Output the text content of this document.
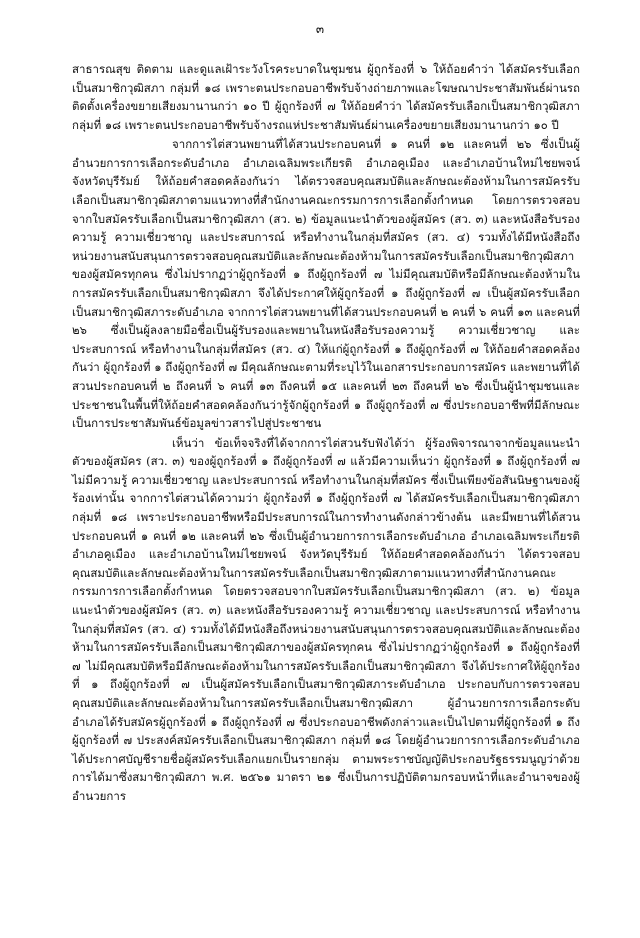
๓

สาธารณสุข ติดตาม และดูแลเฝ้าระวังโรคระบาดในชุมชน ผู้ถูกร้องที่ ๖ ให้ถ้อยคำว่า ได้สมัครรับเลือกเป็นสมาชิกวุฒิสภา กลุ่มที่ ๑๘ เพราะตนประกอบอาชีพรับจ้างถ่ายภาพและโฆษณาประชาสัมพันธ์ผ่านรถติดตั้งเครื่องขยายเสียงมานานกว่า ๑๐ ปี ผู้ถูกร้องที่ ๗ ให้ถ้อยคำว่า ได้สมัครรับเลือกเป็นสมาชิกวุฒิสภากลุ่มที่ ๑๘ เพราะตนประกอบอาชีพรับจ้างรถแห่ประชาสัมพันธ์ผ่านเครื่องขยายเสียงมานานกว่า ๑๐ ปี

จากการไต่สวนพยานที่ได้สวนประกอบคนที่ ๑ คนที่ ๑๒ และคนที่ ๒๖ ซึ่งเป็นผู้อำนวยการการเลือกระดับอำเภอ อำเภอเฉลิมพระเกียรติ อำเภอคูเมือง และอำเภอบ้านใหม่ไชยพจน์ จังหวัดบุรีรัมย์ ให้ถ้อยคำสอดคล้องกันว่า ได้ตรวจสอบคุณสมบัติและลักษณะต้องห้ามในการสมัครรับเลือกเป็นสมาชิกวุฒิสภาตามแนวทางที่สำนักงานคณะกรรมการการเลือกตั้งกำหนด โดยการตรวจสอบจากใบสมัครรับเลือกเป็นสมาชิกวุฒิสภา (สว. ๒) ข้อมูลแนะนำตัวของผู้สมัคร (สว. ๓) และหนังสือรับรองความรู้ ความเชี่ยวชาญ และประสบการณ์ หรือทำงานในกลุ่มที่สมัคร (สว. ๔) รวมทั้งได้มีหนังสือถึงหน่วยงานสนับสนุนการตรวจสอบคุณสมบัติและลักษณะต้องห้ามในการสมัครรับเลือกเป็นสมาชิกวุฒิสภาของผู้สมัครทุกคน ซึ่งไม่ปรากฏว่าผู้ถูกร้องที่ ๑ ถึงผู้ถูกร้องที่ ๗ ไม่มีคุณสมบัติหรือมีลักษณะต้องห้ามในการสมัครรับเลือกเป็นสมาชิกวุฒิสภา จึงได้ประกาศให้ผู้ถูกร้องที่ ๑ ถึงผู้ถูกร้องที่ ๗ เป็นผู้สมัครรับเลือกเป็นสมาชิกวุฒิสภาระดับอำเภอ จากการไต่สวนพยานที่ได้สวนประกอบคนที่ ๒ คนที่ ๖ คนที่ ๑๓ และคนที่ ๒๖ ซึ่งเป็นผู้ลงลายมือชื่อเป็นผู้รับรองและพยานในหนังสือรับรองความรู้ ความเชี่ยวชาญ และประสบการณ์ หรือทำงานในกลุ่มที่สมัคร (สว. ๔) ให้แก่ผู้ถูกร้องที่ ๑ ถึงผู้ถูกร้องที่ ๗ ให้ถ้อยคำสอดคล้องกันว่า ผู้ถูกร้องที่ ๑ ถึงผู้ถูกร้องที่ ๗ มีคุณลักษณะตามที่ระบุไว้ในเอกสารประกอบการสมัคร และพยานที่ได้สวนประกอบคนที่ ๒ ถึงคนที่ ๖ คนที่ ๑๓ ถึงคนที่ ๑๕ และคนที่ ๒๓ ถึงคนที่ ๒๖ ซึ่งเป็นผู้นำชุมชนและประชาชนในพื้นที่ให้ถ้อยคำสอดคล้องกันว่ารู้จักผู้ถูกร้องที่ ๑ ถึงผู้ถูกร้องที่ ๗ ซึ่งประกอบอาชีพที่มีลักษณะเป็นการประชาสัมพันธ์ข้อมูลข่าวสารไปสู่ประชาชน

เห็นว่า ข้อเท็จจริงที่ได้จากการไต่สวนรับฟังได้ว่า ผู้ร้องพิจารณาจากข้อมูลแนะนำตัวของผู้สมัคร (สว. ๓) ของผู้ถูกร้องที่ ๑ ถึงผู้ถูกร้องที่ ๗ แล้วมีความเห็นว่า ผู้ถูกร้องที่ ๑ ถึงผู้ถูกร้องที่ ๗ ไม่มีความรู้ ความเชี่ยวชาญ และประสบการณ์ หรือทำงานในกลุ่มที่สมัคร ซึ่งเป็นเพียงข้อสันนิษฐานของผู้ร้องเท่านั้น จากการไต่สวนได้ความว่า ผู้ถูกร้องที่ ๑ ถึงผู้ถูกร้องที่ ๗ ได้สมัครรับเลือกเป็นสมาชิกวุฒิสภากลุ่มที่ ๑๘ เพราะประกอบอาชีพหรือมีประสบการณ์ในการทำงานดังกล่าวข้างต้น และมีพยานที่ได้สวนประกอบคนที่ ๑ คนที่ ๑๒ และคนที่ ๒๖ ซึ่งเป็นผู้อำนวยการการเลือกระดับอำเภอ อำเภอเฉลิมพระเกียรติ อำเภอคูเมือง และอำเภอบ้านใหม่ไชยพจน์ จังหวัดบุรีรัมย์ ให้ถ้อยคำสอดคล้องกันว่า ได้ตรวจสอบคุณสมบัติและลักษณะต้องห้ามในการสมัครรับเลือกเป็นสมาชิกวุฒิสภาตามแนวทางที่สำนักงานคณะกรรมการการเลือกตั้งกำหนด โดยตรวจสอบจากใบสมัครรับเลือกเป็นสมาชิกวุฒิสภา (สว. ๒) ข้อมูลแนะนำตัวของผู้สมัคร (สว. ๓) และหนังสือรับรองความรู้ ความเชี่ยวชาญ และประสบการณ์ หรือทำงานในกลุ่มที่สมัคร (สว. ๔) รวมทั้งได้มีหนังสือถึงหน่วยงานสนับสนุนการตรวจสอบคุณสมบัติและลักษณะต้องห้ามในการสมัครรับเลือกเป็นสมาชิกวุฒิสภาของผู้สมัครทุกคน ซึ่งไม่ปรากฏว่าผู้ถูกร้องที่ ๑ ถึงผู้ถูกร้องที่ ๗ ไม่มีคุณสมบัติหรือมีลักษณะต้องห้ามในการสมัครรับเลือกเป็นสมาชิกวุฒิสภา จึงได้ประกาศให้ผู้ถูกร้องที่ ๑ ถึงผู้ถูกร้องที่ ๗ เป็นผู้สมัครรับเลือกเป็นสมาชิกวุฒิสภาระดับอำเภอ ประกอบกับการตรวจสอบคุณสมบัติและลักษณะต้องห้ามในการสมัครรับเลือกเป็นสมาชิกวุฒิสภา ผู้อำนวยการการเลือกระดับอำเภอได้รับสมัครผู้ถูกร้องที่ ๑ ถึงผู้ถูกร้องที่ ๗ ซึ่งประกอบอาชีพดังกล่าวและเป็นไปตามที่ผู้ถูกร้องที่ ๑ ถึงผู้ถูกร้องที่ ๗ ประสงค์สมัครรับเลือกเป็นสมาชิกวุฒิสภา กลุ่มที่ ๑๘ โดยผู้อำนวยการการเลือกระดับอำเภอได้ประกาศบัญชีรายชื่อผู้สมัครรับเลือกแยกเป็นรายกลุ่ม ตามพระราชบัญญัติประกอบรัฐธรรมนูญว่าด้วยการได้มาซึ่งสมาชิกวุฒิสภา พ.ศ. ๒๕๖๑ มาตรา ๒๑ ซึ่งเป็นการปฏิบัติตามกรอบหน้าที่และอำนาจของผู้อำนวยการ
